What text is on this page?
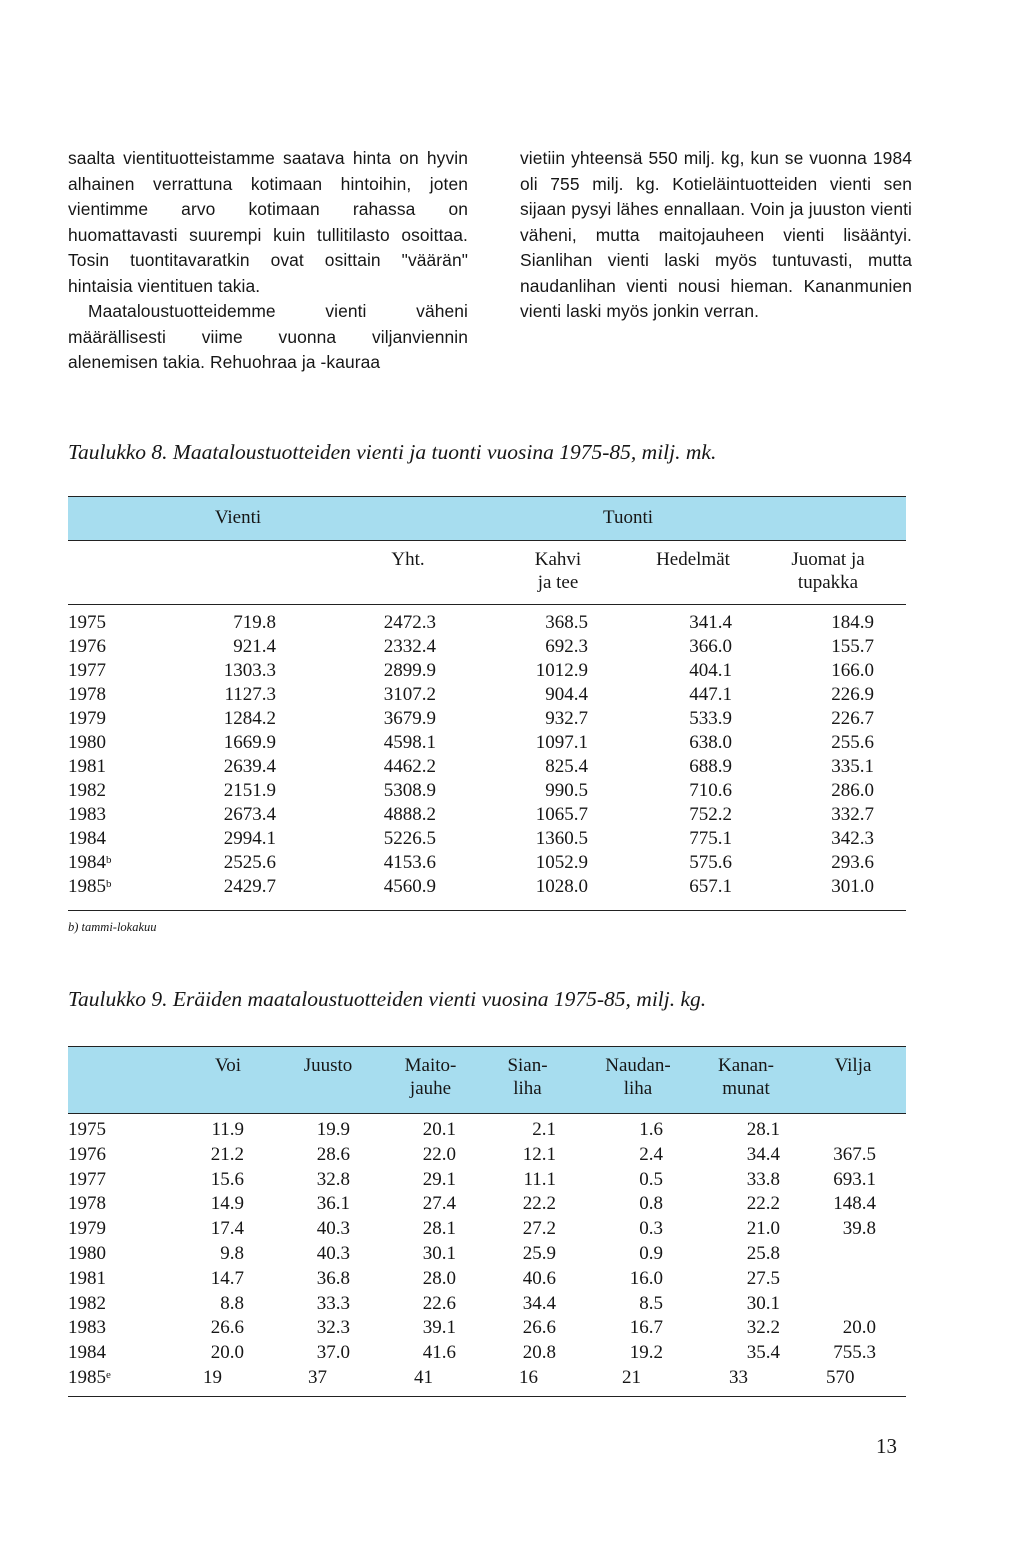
saalta vientituotteistamme saatava hinta on hyvin alhainen verrattuna kotimaan hintoihin, joten vientimme arvo kotimaan rahassa on huomattavasti suurempi kuin tullitilasto osoittaa. Tosin tuontitavaratkin ovat osittain "väärän" hintaisia vientituen takia.

Maataloustuotteidemme vienti väheni määrällisesti viime vuonna viljanviennin alenemisen takia. Rehuohraa ja -kauraa

vietiin yhteensä 550 milj. kg, kun se vuonna 1984 oli 755 milj. kg. Kotieläintuotteiden vienti sen sijaan pysyi lähes ennallaan. Voin ja juuston vienti väheni, mutta maitojauheen vienti lisääntyi. Sianlihan vienti laski myös tuntuvasti, mutta naudanlihan vienti nousi hieman. Kananmunien vienti laski myös jonkin verran.

Taulukko 8. Maataloustuotteiden vienti ja tuonti vuosina 1975-85, milj. mk.
Vienti	Tuonti
Yht.	Kahvi
ja tee
Hedelmät	Juomat ja
tupakka
1975	719.8	2472.3	368.5	341.4	184.9
1976	921.4	2332.4	692.3	366.0	155.7
1977	1303.3	2899.9	1012.9	404.1	166.0
1978	1127.3	3107.2	904.4	447.1	226.9
1979	1284.2	3679.9	932.7	533.9	226.7
1980	1669.9	4598.1	1097.1	638.0	255.6
1981	2639.4	4462.2	825.4	688.9	335.1
1982	2151.9	5308.9	990.5	710.6	286.0
1983	2673.4	4888.2	1065.7	752.2	332.7
1984	2994.1	5226.5	1360.5	775.1	342.3
1984$^b$	2525.6	4153.6	1052.9	575.6	293.6
1985$^b$	2429.7	4560.9	1028.0	657.1	301.0
b) tammi-lokakuu
Taulukko 9. Eräiden maataloustuotteiden vienti vuosina 1975-85, milj. kg.
Voi	Juusto	Maito-
jauhe
Sian-
liha
Naudan-
liha
Kanan-
munat
Vilja
1975	11.9	19.9	20.1	2.1	1.6	28.1
1976	21.2	28.6	22.0	12.1	2.4	34.4	367.5
1977	15.6	32.8	29.1	11.1	0.5	33.8	693.1
1978	14.9	36.1	27.4	22.2	0.8	22.2	148.4
1979	17.4	40.3	28.1	27.2	0.3	21.0	39.8
1980	9.8	40.3	30.1	25.9	0.9	25.8
1981	14.7	36.8	28.0	40.6	16.0	27.5
1982	8.8	33.3	22.6	34.4	8.5	30.1
1983	26.6	32.3	39.1	26.6	16.7	32.2	20.0
1984	20.0	37.0	41.6	20.8	19.2	35.4	755.3
1985e	19	37	41	16	21	33	570
13
